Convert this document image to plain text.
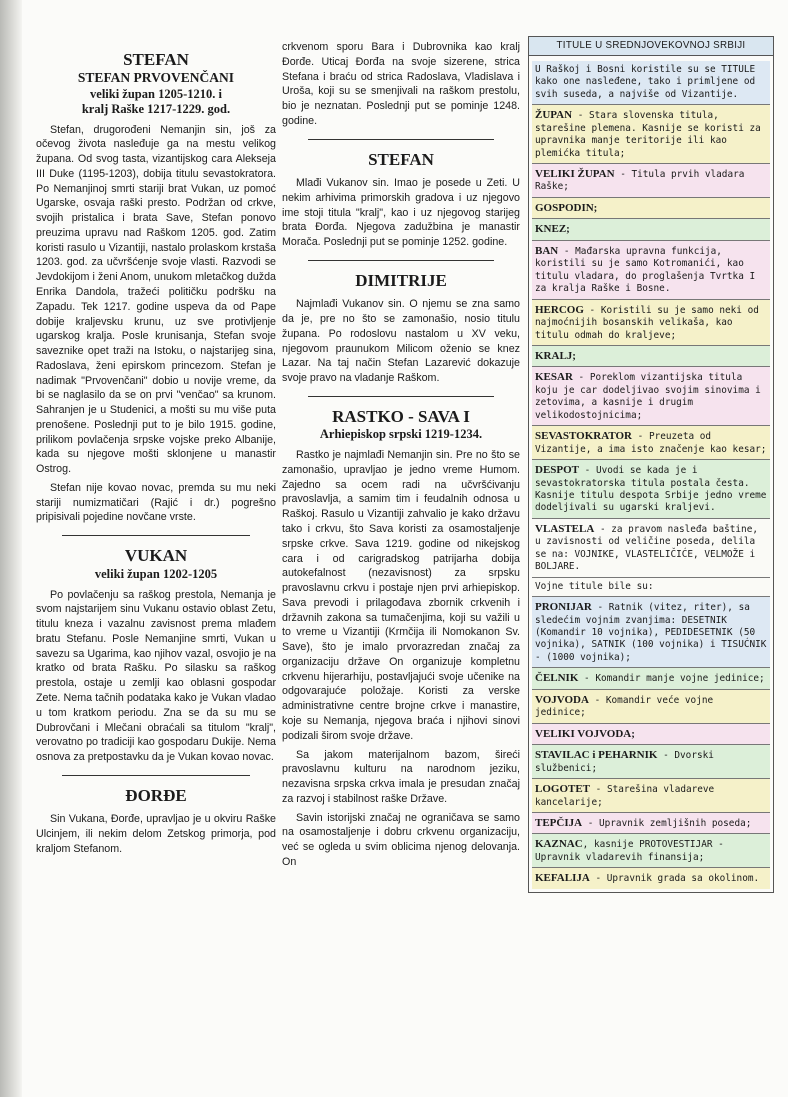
STEFAN
STEFAN PRVOVENČANI
veliki župan 1205-1210. i
kralj Raške 1217-1229. god.

Stefan, drugorođeni Nemanjin sin, još za očevog života nasleđuje ga na mestu velikog župana. Od svog tasta, vizantijskog cara Alekseja III Duke (1195-1203), dobija titulu sevastokratora. Po Nemanjinoj smrti stariji brat Vukan, uz pomoć Ugarske, osvaja raški presto. Podržan od crkve, svojih pristalica i brata Save, Stefan ponovo preuzima upravu nad Raškom 1205. god. Zatim koristi rasulo u Vizantiji, nastalo prolaskom krstaša 1203. god. za učvršćenje svoje vlasti. Razvodi se Jevdokijom i ženi Anom, unukom mletačkog dužda Enrika Dandola, tražeći političku podršku na Zapadu. Tek 1217. godine uspeva da od Pape dobije kraljevsku krunu, uz sve protivljenje ugarskog kralja. Posle krunisanja, Stefan svoje saveznike opet traži na Istoku, o najstarijeg sina, Radoslava, ženi epirskom princezom. Stefan je nadimak "Prvovenčani" dobio u novije vreme, da bi se naglasilo da se on prvi "venčao" sa krunom. Sahranjen je u Studenici, a mošti su mu više puta prenošene. Poslednji put to je bilo 1915. godine, prilikom povlačenja srpske vojske preko Albanije, kada su njegove mošti sklonjene u manastir Ostrog.

Stefan nije kovao novac, premda su mu neki stariji numizmatičari (Rajić i dr.) pogrešno pripisivali pojedine novčane vrste.

VUKAN
veliki župan 1202-1205

Po povlačenju sa raškog prestola, Nemanja je svom najstarijem sinu Vukanu ostavio oblast Zetu, titulu kneza i vazalnu zavisnost prema mlađem bratu Stefanu. Posle Nemanjine smrti, Vukan u savezu sa Ugarima, kao njihov vazal, osvojio je na kratko od brata Rašku. Po silasku sa raškog prestola, ostaje u zemlji kao oblasni gospodar Zete. Nema tačnih podataka kako je Vukan vladao u tom kratkom periodu. Zna se da su mu se Dubrovčani i Mlečani obraćali sa titulom "kralj", verovatno po tradiciji kao gospodaru Dukije. Nema osnova za pretpostavku da je Vukan kovao novac.

ĐORĐE

Sin Vukana, Đorđe, upravljao je u okviru Raške Ulcinjem, ili nekim delom Zetskog primorja, pod kraljom Stefanom.

crkvenom sporu Bara i Dubrovnika kao kralj Đorđe. Uticaj Đorđa na svoje sizerene, strica Stefana i braću od strica Radoslava, Vladislava i Uroša, koji su se smenjivali na raškom prestolu, bio je neznatan. Poslednji put se pominje 1248. godine.

STEFAN

Mlađi Vukanov sin. Imao je posede u Zeti. U nekim arhivima primorskih gradova i uz njegovo ime stoji titula "kralj", kao i uz njegovog starijeg brata Đorđa. Njegova zadužbina je manastir Morača. Poslednji put se pominje 1252. godine.

DIMITRIJE

Najmlađi Vukanov sin. O njemu se zna samo da je, pre no što se zamonašio, nosio titulu župana. Po rodoslovu nastalom u XV veku, njegovom praunukom Milicom oženio se knez Lazar. Na taj način Stefan Lazarević dokazuje svoje pravo na vladanje Raškom.

RASTKO - SAVA I
Arhiepiskop srpski 1219-1234.

Rastko je najmlađi Nemanjin sin. Pre no što se zamonašio, upravljao je jedno vreme Humom. Zajedno sa ocem radi na učvršćivanju pravoslavlja, a samim tim i feudalnih odnosa u Raškoj. Rasulo u Vizantiji zahvalio je kako državu tako i crkvu, što Sava koristi za osamostaljenje srpske crkve. Sava 1219. godine od nikejskog cara i od carigradskog patrijarha dobija autokefalnost (nezavisnost) za srpsku pravoslavnu crkvu i postaje njen prvi arhiepiskop. Sava prevodi i prilagođava zbornik crkvenih i državnih zakona sa tumačenjima, koji su važili u to vreme u Vizantiji (Krmčija ili Nomokanon Sv. Save), što je imalo prvorazredan značaj za organizaciju države On organizuje kompletnu crkvenu hijerarhiju, postavljajući svoje učenike na odgovarajuće položaje. Koristi za verske administrativne centre brojne crkve i manastire, koje su Nemanja, njegova braća i njihovi sinovi podizali širom svoje države.

Sa jakom materijalnom bazom, šireći pravoslavnu kulturu na narodnom jeziku, nezavisna srpska crkva imala je presudan značaj za razvoj i stabilnost raške Države.

Savin istorijski značaj ne ograničava se samo na osamostaljenje i dobru crkvenu organizaciju, već se ogleda u svim oblicima njenog delovanja. On

TITULE U SREDNJOVEKOVNOJ SRBIJI
U Raškoj i Bosni koristile su se TITULE kako one nasleđene, tako i primljene od svih suseda, a najviše od Vizantije.
ŽUPAN - Stara slovenska titula, starešine plemena. Kasnije se koristi za upravnika manje teritorije ili kao plemićka titula;
VELIKI ŽUPAN - Titula prvih vladara Raške;
GOSPODIN;
KNEZ;
BAN - Mađarska upravna funkcija, koristili su je samo Kotromanići, kao titulu vladara, do proglašenja Tvrtka I za kralja Raške i Bosne.
HERCOG - Koristili su je samo neki od najmoćnijih bosanskih velikaša, kao titulu odmah do kraljeve;
KRALJ;
KESAR - Poreklom vizantijska titula koju je car dodeljivao svojim sinovima i zetovima, a kasnije i drugim velikodostojnicima;
SEVASTOKRATOR - Preuzeta od Vizantije, a ima isto značenje kao kesar;
DESPOT - Uvodi se kada je i sevastokratorska titula postala česta. Kasnije titulu despota Srbije jedno vreme dodeljivali su ugarski kraljevi.
VLASTELA - za pravom nasleđa baštine, u zavisnosti od veličine poseda, delila se na: VOJNIKE, VLASTELIČIĆE, VELMOŽE i BOLJARE.
Vojne titule bile su:
PRONIJAR - Ratnik (vitez, riter), sa sledećim vojnim zvanjima: DESETNIK (Komandir 10 vojnika), PEDIDESETNIK (50 vojnika), SATNIK (100 vojnika) i TISUĆNIK - (1000 vojnika);
ČELNIK - Komandir manje vojne jedinice;
VOJVODA - Komandir veće vojne jedinice;
VELIKI VOJVODA;
STAVILAC i PEHARNIK - Dvorski službenici;
LOGOTET - Starešina vladarevе kancelarije;
TEPČIJA - Upravnik zemljišnih poseda;
KAZNAC, kasnije PROTOVESTIJAR - Upravnik vladarevih finansija;
KEFALIJA - Upravnik grada sa okolinom.
